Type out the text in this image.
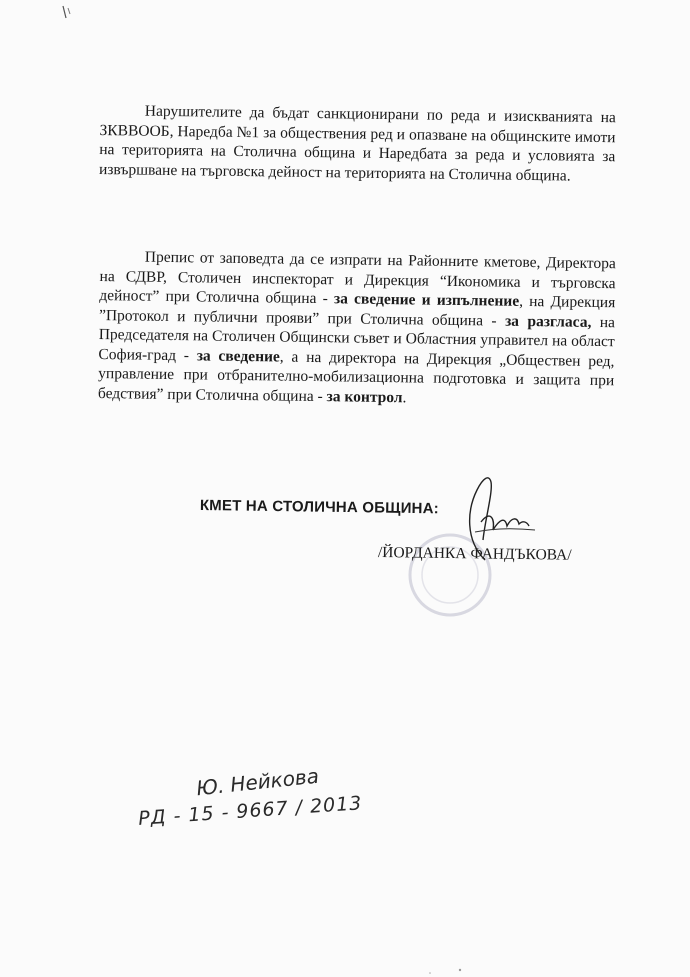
Нарушителите да бъдат санкционирани по реда и изискванията на ЗКВВООБ, Наредба №1 за обществения ред и опазване на общинските имоти на територията на Столична община и Наредбата за реда и условията за извършване на търговска дейност на територията на Столична община.

Препис от заповедта да се изпрати на Районните кметове, Директора на СДВР, Столичен инспекторат и Дирекция “Икономика и търговска дейност” при Столична община - за сведение и изпълнение, на Дирекция ”Протокол и публични прояви” при Столична община - за разгласа, на Председателя на Столичен Общински съвет и Областния управител на област София-град - за сведение, а на директора на Дирекция „Обществен ред, управление при отбранително-мобилизационна подготовка и защита при бедствия” при Столична община - за контрол.

КМЕТ НА СТОЛИЧНА ОБЩИНА:
/ЙОРДАНКА ФАНДЪКОВА/
Ю. Нейкова
РД - 15 - 9667 / 2013
